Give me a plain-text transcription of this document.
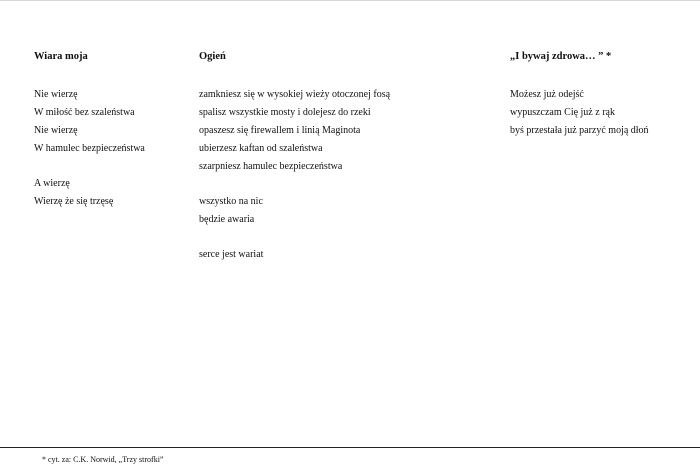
Wiara moja
Nie wierzę
W miłość bez szaleństwa
Nie wierzę
W hamulec bezpieczeństwa
A wierzę
Wierzę że się trzęsę
Ogień
zamkniesz się w wysokiej wieży otoczonej fosą
spalisz wszystkie mosty i dolejesz do rzeki
opaszesz się firewallem i linią Maginota
ubierzesz kaftan od szaleństwa
szarpniesz hamulec bezpieczeństwa
wszystko na nic
będzie awaria
serce jest wariat
„I bywaj zdrowa… ” *
Możesz już odejść
wypuszczam Cię już z rąk
byś przestała już parzyć moją dłoń
* cyt. za: C.K. Norwid, „Trzy strofki”
